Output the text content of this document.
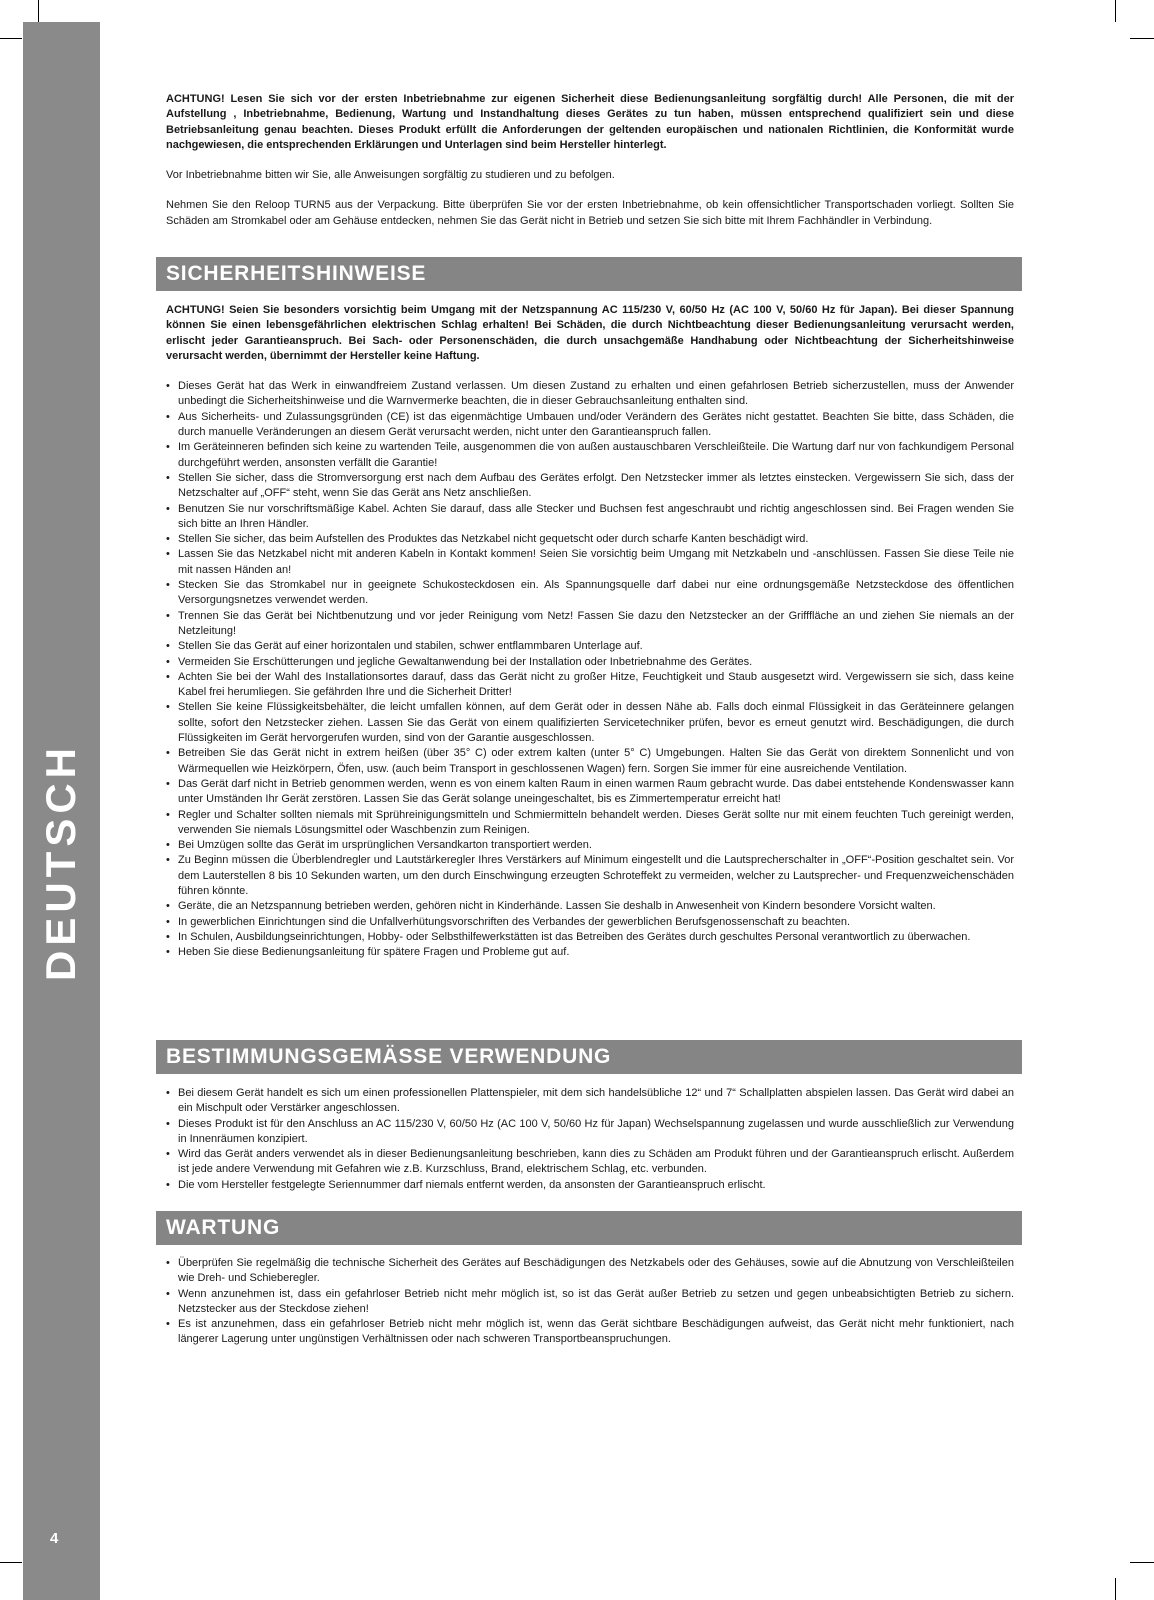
DEUTSCH
4

ACHTUNG! Lesen Sie sich vor der ersten Inbetriebnahme zur eigenen Sicherheit diese Bedienungsanleitung sorgfältig durch! Alle Personen, die mit der Aufstellung , Inbetriebnahme, Bedienung, Wartung und Instandhaltung dieses Gerätes zu tun haben, müssen entsprechend qualifiziert sein und diese Betriebsanleitung genau beachten. Dieses Produkt erfüllt die Anforderungen der geltenden europäischen und nationalen Richtlinien, die Konformität wurde nachgewiesen, die entsprechenden Erklärungen und Unterlagen sind beim Hersteller hinterlegt.

Vor Inbetriebnahme bitten wir Sie, alle Anweisungen sorgfältig zu studieren und zu befolgen.

Nehmen Sie den Reloop TURN5 aus der Verpackung. Bitte überprüfen Sie vor der ersten Inbetriebnahme, ob kein offensichtlicher Transportschaden vorliegt. Sollten Sie Schäden am Stromkabel oder am Gehäuse entdecken, nehmen Sie das Gerät nicht in Betrieb und setzen Sie sich bitte mit Ihrem Fachhändler in Verbindung.

SICHERHEITSHINWEISE

ACHTUNG! Seien Sie besonders vorsichtig beim Umgang mit der Netzspannung AC 115/230 V, 60/50 Hz (AC 100 V, 50/60 Hz für Japan). Bei dieser Spannung können Sie einen lebensgefährlichen elektrischen Schlag erhalten! Bei Schäden, die durch Nichtbeachtung dieser Bedienungsanleitung verursacht werden, erlischt jeder Garantieanspruch. Bei Sach- oder Personenschäden, die durch unsachgemäße Handhabung oder Nichtbeachtung der Sicherheitshinweise verursacht werden, übernimmt der Hersteller keine Haftung.

• Dieses Gerät hat das Werk in einwandfreiem Zustand verlassen. Um diesen Zustand zu erhalten und einen gefahrlosen Betrieb sicherzustellen, muss der Anwender unbedingt die Sicherheitshinweise und die Warnvermerke beachten, die in dieser Gebrauchsanleitung enthalten sind.
• Aus Sicherheits- und Zulassungsgründen (CE) ist das eigenmächtige Umbauen und/oder Verändern des Gerätes nicht gestattet. Beachten Sie bitte, dass Schäden, die durch manuelle Veränderungen an diesem Gerät verursacht werden, nicht unter den Garantieanspruch fallen.
• Im Geräteinneren befinden sich keine zu wartenden Teile, ausgenommen die von außen austauschbaren Verschleißteile. Die Wartung darf nur von fachkundigem Personal durchgeführt werden, ansonsten verfällt die Garantie!
• Stellen Sie sicher, dass die Stromversorgung erst nach dem Aufbau des Gerätes erfolgt. Den Netzstecker immer als letztes einstecken. Vergewissern Sie sich, dass der Netzschalter auf „OFF“ steht, wenn Sie das Gerät ans Netz anschließen.
• Benutzen Sie nur vorschriftsmäßige Kabel. Achten Sie darauf, dass alle Stecker und Buchsen fest angeschraubt und richtig angeschlossen sind. Bei Fragen wenden Sie sich bitte an Ihren Händler.
• Stellen Sie sicher, das beim Aufstellen des Produktes das Netzkabel nicht gequetscht oder durch scharfe Kanten beschädigt wird.
• Lassen Sie das Netzkabel nicht mit anderen Kabeln in Kontakt kommen! Seien Sie vorsichtig beim Umgang mit Netzkabeln und -anschlüssen. Fassen Sie diese Teile nie mit nassen Händen an!
• Stecken Sie das Stromkabel nur in geeignete Schukosteckdosen ein. Als Spannungsquelle darf dabei nur eine ordnungsgemäße Netzsteckdose des öffentlichen Versorgungsnetzes verwendet werden.
• Trennen Sie das Gerät bei Nichtbenutzung und vor jeder Reinigung vom Netz! Fassen Sie dazu den Netzstecker an der Grifffläche an und ziehen Sie niemals an der Netzleitung!
• Stellen Sie das Gerät auf einer horizontalen und stabilen, schwer entflammbaren Unterlage auf.
• Vermeiden Sie Erschütterungen und jegliche Gewaltanwendung bei der Installation oder Inbetriebnahme des Gerätes.
• Achten Sie bei der Wahl des Installationsortes darauf, dass das Gerät nicht zu großer Hitze, Feuchtigkeit und Staub ausgesetzt wird. Vergewissern sie sich, dass keine Kabel frei herumliegen. Sie gefährden Ihre und die Sicherheit Dritter!
• Stellen Sie keine Flüssigkeitsbehälter, die leicht umfallen können, auf dem Gerät oder in dessen Nähe ab. Falls doch einmal Flüssigkeit in das Geräteinnere gelangen sollte, sofort den Netzstecker ziehen. Lassen Sie das Gerät von einem qualifizierten Servicetechniker prüfen, bevor es erneut genutzt wird. Beschädigungen, die durch Flüssigkeiten im Gerät hervorgerufen wurden, sind von der Garantie ausgeschlossen.
• Betreiben Sie das Gerät nicht in extrem heißen (über 35° C) oder extrem kalten (unter 5° C) Umgebungen. Halten Sie das Gerät von direktem Sonnenlicht und von Wärmequellen wie Heizkörpern, Öfen, usw. (auch beim Transport in geschlossenen Wagen) fern. Sorgen Sie immer für eine ausreichende Ventilation.
• Das Gerät darf nicht in Betrieb genommen werden, wenn es von einem kalten Raum in einen warmen Raum gebracht wurde. Das dabei entstehende Kondenswasser kann unter Umständen Ihr Gerät zerstören. Lassen Sie das Gerät solange uneingeschaltet, bis es Zimmertemperatur erreicht hat!
• Regler und Schalter sollten niemals mit Sprühreinigungsmitteln und Schmiermitteln behandelt werden. Dieses Gerät sollte nur mit einem feuchten Tuch gereinigt werden, verwenden Sie niemals Lösungsmittel oder Waschbenzin zum Reinigen.
• Bei Umzügen sollte das Gerät im ursprünglichen Versandkarton transportiert werden.
• Zu Beginn müssen die Überblendregler und Lautstärkeregler Ihres Verstärkers auf Minimum eingestellt und die Lautsprecherschalter in „OFF“-Position geschaltet sein. Vor dem Lauterstellen 8 bis 10 Sekunden warten, um den durch Einschwingung erzeugten Schroteffekt zu vermeiden, welcher zu Lautsprecher- und Frequenzweichenschäden führen könnte.
• Geräte, die an Netzspannung betrieben werden, gehören nicht in Kinderhände. Lassen Sie deshalb in Anwesenheit von Kindern besondere Vorsicht walten.
• In gewerblichen Einrichtungen sind die Unfallverhütungsvorschriften des Verbandes der gewerblichen Berufsgenossenschaft zu beachten.
• In Schulen, Ausbildungseinrichtungen, Hobby- oder Selbsthilfewerkstätten ist das Betreiben des Gerätes durch geschultes Personal verantwortlich zu überwachen.
• Heben Sie diese Bedienungsanleitung für spätere Fragen und Probleme gut auf.
BESTIMMUNGSGEMÄSSE VERWENDUNG
• Bei diesem Gerät handelt es sich um einen professionellen Plattenspieler, mit dem sich handelsübliche 12“ und 7“ Schallplatten abspielen lassen. Das Gerät wird dabei an ein Mischpult oder Verstärker angeschlossen.
• Dieses Produkt ist für den Anschluss an AC 115/230 V, 60/50 Hz (AC 100 V, 50/60 Hz für Japan) Wechselspannung zugelassen und wurde ausschließlich zur Verwendung in Innenräumen konzipiert.
• Wird das Gerät anders verwendet als in dieser Bedienungsanleitung beschrieben, kann dies zu Schäden am Produkt führen und der Garantieanspruch erlischt. Außerdem ist jede andere Verwendung mit Gefahren wie z.B. Kurzschluss, Brand, elektrischem Schlag, etc. verbunden.
• Die vom Hersteller festgelegte Seriennummer darf niemals entfernt werden, da ansonsten der Garantieanspruch erlischt.
WARTUNG
• Überprüfen Sie regelmäßig die technische Sicherheit des Gerätes auf Beschädigungen des Netzkabels oder des Gehäuses, sowie auf die Abnutzung von Verschleißteilen wie Dreh- und Schieberegler.
• Wenn anzunehmen ist, dass ein gefahrloser Betrieb nicht mehr möglich ist, so ist das Gerät außer Betrieb zu setzen und gegen unbeabsichtigten Betrieb zu sichern. Netzstecker aus der Steckdose ziehen!
• Es ist anzunehmen, dass ein gefahrloser Betrieb nicht mehr möglich ist, wenn das Gerät sichtbare Beschädigungen aufweist, das Gerät nicht mehr funktioniert, nach längerer Lagerung unter ungünstigen Verhältnissen oder nach schweren Transportbeanspruchungen.
